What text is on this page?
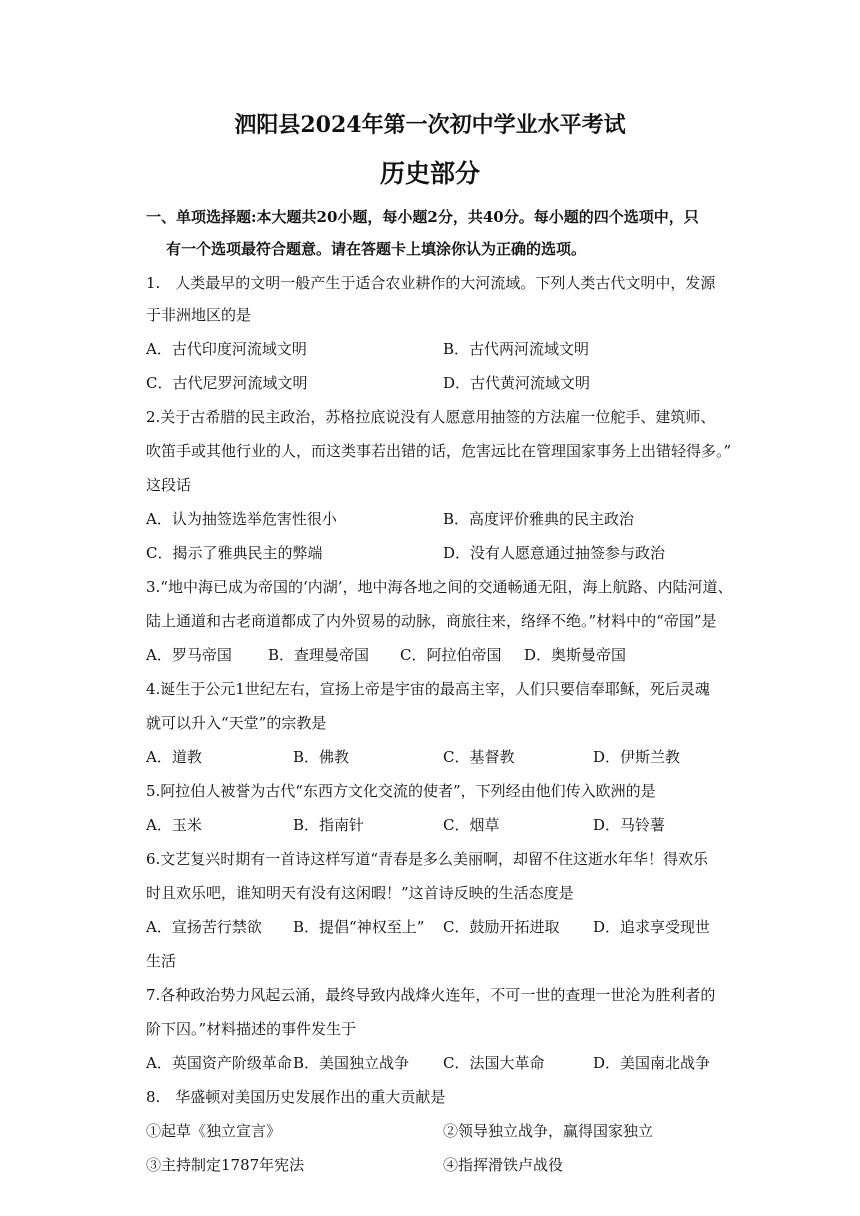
泗阳县2024年第一次初中学业水平考试
历史部分
一、单项选择题:本大题共20小题，每小题2分，共40分。每小题的四个选项中，只
有一个选项最符合题意。请在答题卡上填涂你认为正确的选项。
1.　人类最早的文明一般产生于适合农业耕作的大河流域。下列人类古代文明中，发源
于非洲地区的是
A．古代印度河流域文明	B．古代两河流域文明
C．古代尼罗河流域文明	D．古代黄河流域文明
2.关于古希腊的民主政治，苏格拉底说没有人愿意用抽签的方法雇一位舵手、建筑师、
吹笛手或其他行业的人，而这类事若出错的话，危害远比在管理国家事务上出错轻得多。”
这段话
A．认为抽签选举危害性很小	B．高度评价雅典的民主政治
C．揭示了雅典民主的弊端	D．没有人愿意通过抽签参与政治
3.“地中海已成为帝国的‘内湖’，地中海各地之间的交通畅通无阻，海上航路、内陆河道、
陆上通道和古老商道都成了内外贸易的动脉，商旅往来，络绎不绝。”材料中的“帝国”是
A．罗马帝国 B．查理曼帝国 C．阿拉伯帝国 D．奥斯曼帝国
4.诞生于公元1世纪左右，宣扬上帝是宇宙的最高主宰，人们只要信奉耶稣，死后灵魂
就可以升入“天堂”的宗教是
A．道教	B．佛教	C．基督教	D．伊斯兰教
5.阿拉伯人被誉为古代“东西方文化交流的使者”，下列经由他们传入欧洲的是
A．玉米	B．指南针	C．烟草	D．马铃薯
6.文艺复兴时期有一首诗这样写道“青春是多么美丽啊，却留不住这逝水年华！得欢乐
时且欢乐吧，谁知明天有没有这闲暇！”这首诗反映的生活态度是
A．宣扬苦行禁欲 B．提倡“神权至上” C．鼓励开拓进取 D．追求享受现世
生活
7.各种政治势力风起云涌，最终导致内战烽火连年，不可一世的查理一世沦为胜利者的
阶下囚。”材料描述的事件发生于
A．英国资产阶级革命 B．美国独立战争 C．法国大革命	D．美国南北战争
8.　华盛顿对美国历史发展作出的重大贡献是
①起草《独立宣言》	②领导独立战争，赢得国家独立
③主持制定1787年宪法	④指挥滑铁卢战役
